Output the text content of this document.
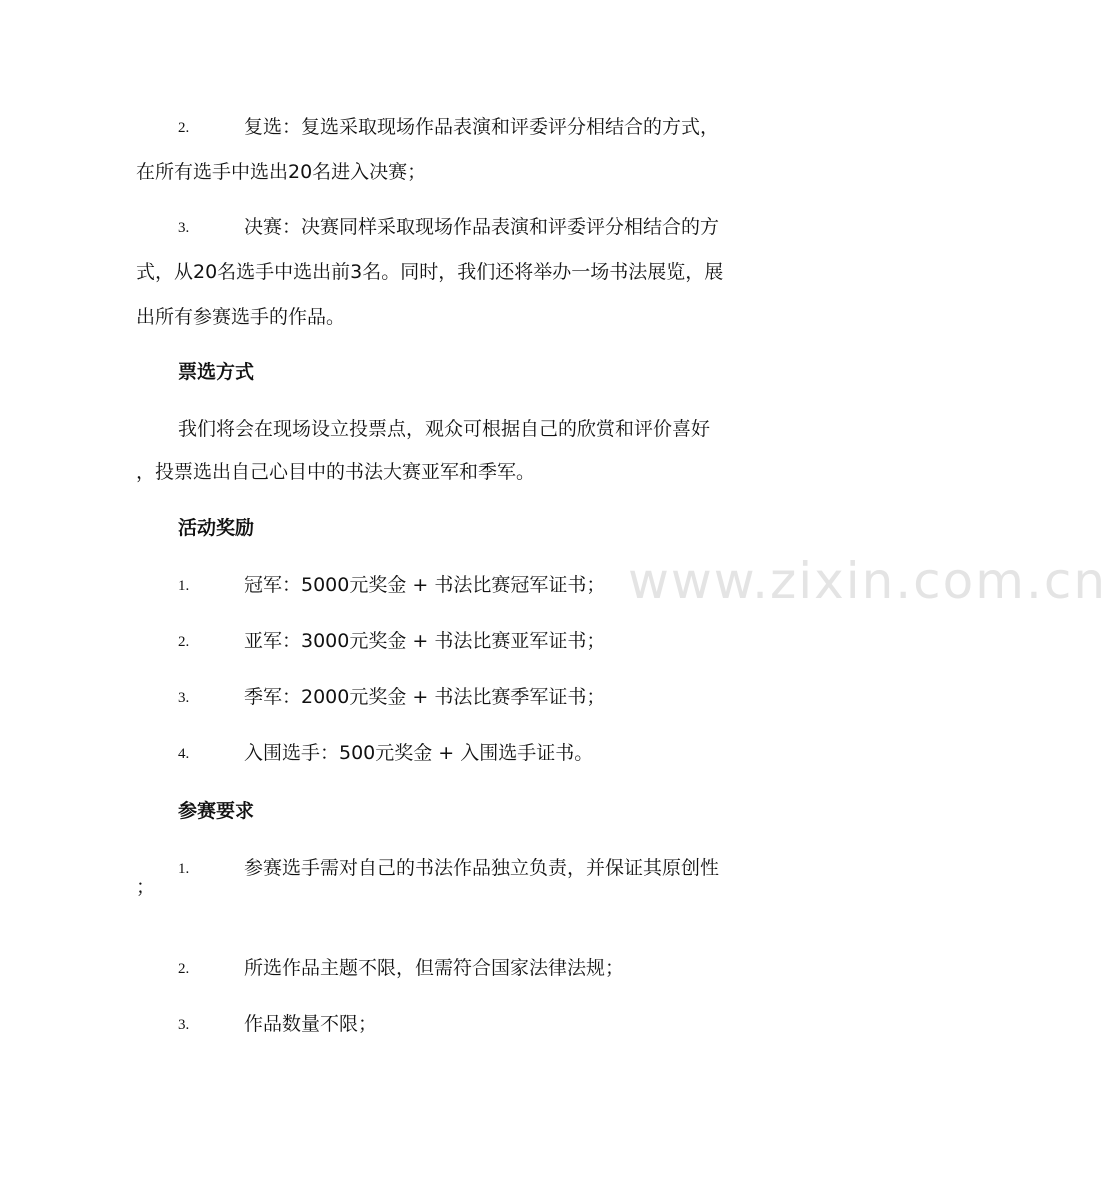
www.zixin.com.cn
2.	复选：复选采取现场作品表演和评委评分相结合的方式，
在所有选手中选出20名进入决赛；
3.	决赛：决赛同样采取现场作品表演和评委评分相结合的方
式，从20名选手中选出前3名。同时，我们还将举办一场书法展览，展
出所有参赛选手的作品。
票选方式
我们将会在现场设立投票点，观众可根据自己的欣赏和评价喜好
，投票选出自己心目中的书法大赛亚军和季军。
活动奖励
1.	冠军：5000元奖金 + 书法比赛冠军证书；
2.	亚军：3000元奖金 + 书法比赛亚军证书；
3.	季军：2000元奖金 + 书法比赛季军证书；
4.	入围选手：500元奖金 + 入围选手证书。
参赛要求
1.	参赛选手需对自己的书法作品独立负责，并保证其原创性
；
2.	所选作品主题不限，但需符合国家法律法规；
3.	作品数量不限；
